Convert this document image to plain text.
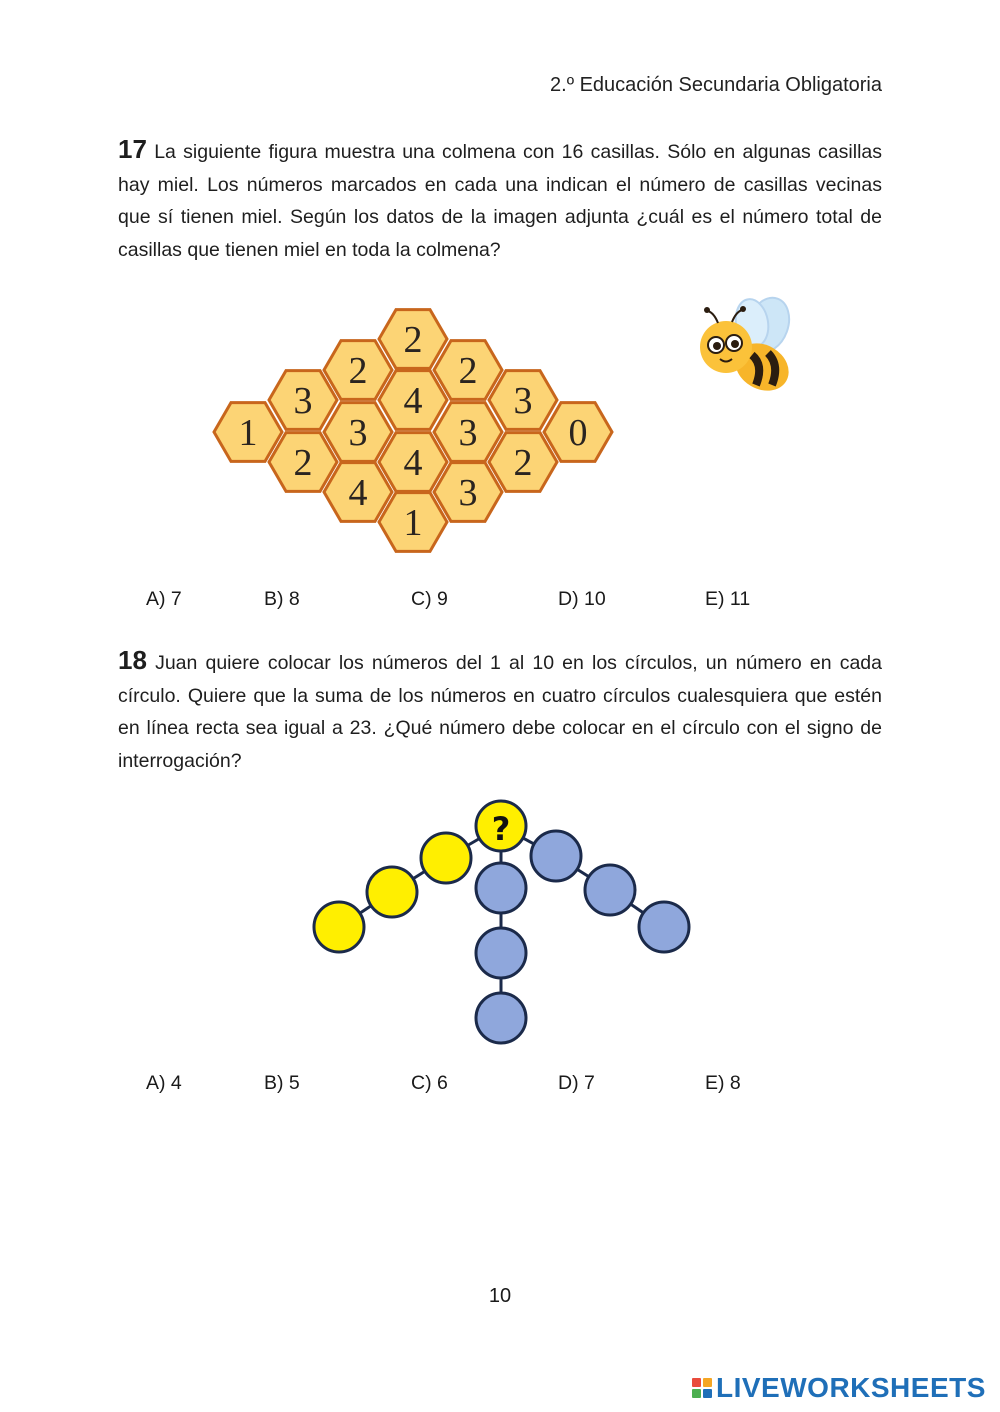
2.º Educación Secundaria Obligatoria
17 La siguiente figura muestra una colmena con 16 casillas. Sólo en algunas casillas hay miel. Los números marcados en cada una indican el número de casillas vecinas que sí tienen miel. Según los datos de la imagen adjunta ¿cuál es el número total de casillas que tienen miel en toda la colmena?
2
2 2
3 4 3
1 3 3 0
2 4 2
4 3
1
A) 7	B) 8	C) 9	D) 10	E) 11
18 Juan quiere colocar los números del 1 al 10 en los círculos, un número en cada círculo. Quiere que la suma de los números en cuatro círculos cualesquiera que estén en línea recta sea igual a 23. ¿Qué número debe colocar en el círculo con el signo de interrogación?
?
A) 4	B) 5	C) 6	D) 7	E) 8
10
LIVEWORKSHEETS
